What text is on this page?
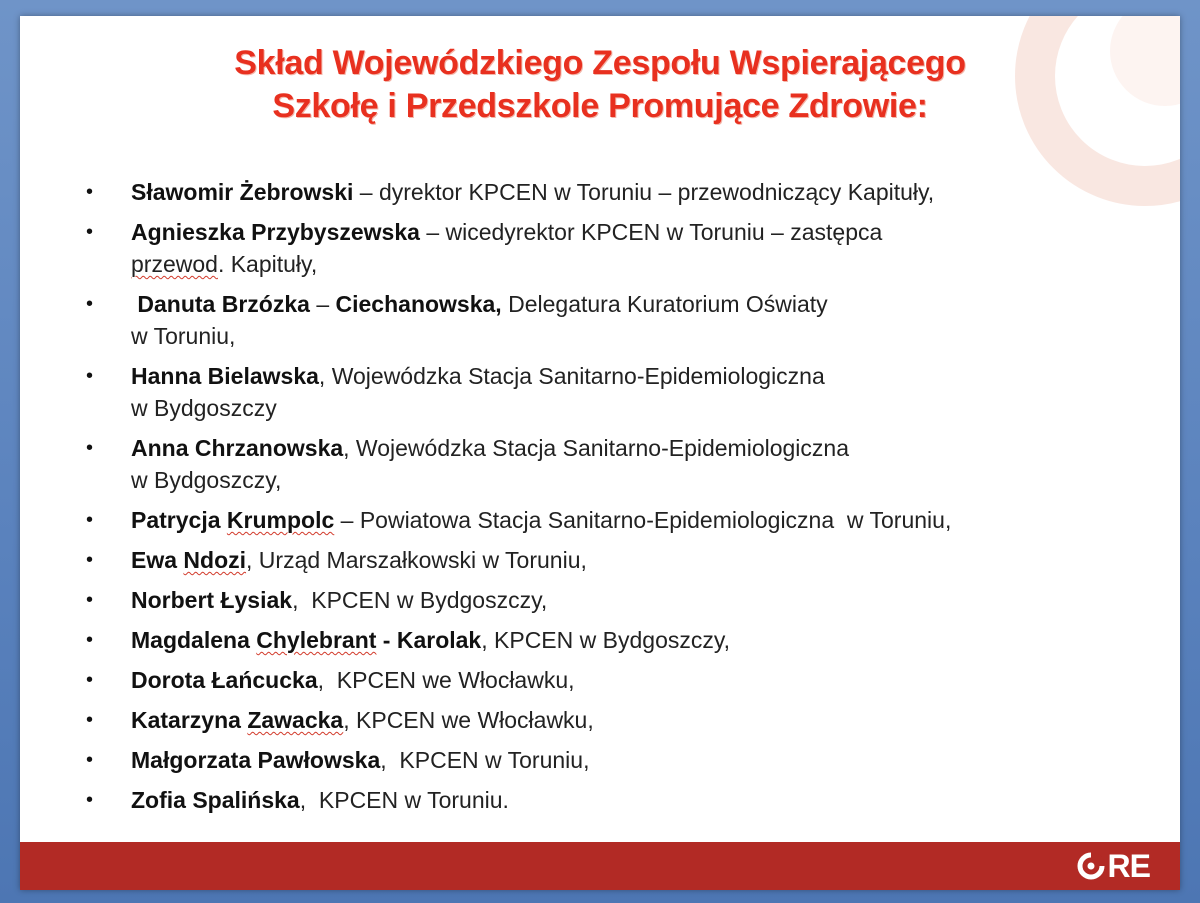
Skład Wojewódzkiego Zespołu Wspierającego
Szkołę i Przedszkole Promujące Zdrowie:
• Sławomir Żebrowski – dyrektor KPCEN w Toruniu – przewodniczący Kapituły,
• Agnieszka Przybyszewska – wicedyrektor KPCEN w Toruniu – zastępca
przewod. Kapituły,
• Danuta Brzózka – Ciechanowska, Delegatura Kuratorium Oświaty
w Toruniu,
• Hanna Bielawska, Wojewódzka Stacja Sanitarno-Epidemiologiczna
w Bydgoszczy
• Anna Chrzanowska, Wojewódzka Stacja Sanitarno-Epidemiologiczna
w Bydgoszczy,
• Patrycja Krumpolc – Powiatowa Stacja Sanitarno-Epidemiologiczna  w Toruniu,
• Ewa Ndozi, Urząd Marszałkowski w Toruniu,
• Norbert Łysiak,  KPCEN w Bydgoszczy,
• Magdalena Chylebrant - Karolak, KPCEN w Bydgoszczy,
• Dorota Łańcucka,  KPCEN we Włocławku,
• Katarzyna Zawacka, KPCEN we Włocławku,
• Małgorzata Pawłowska,  KPCEN w Toruniu,
• Zofia Spalińska,  KPCEN w Toruniu.
RE
